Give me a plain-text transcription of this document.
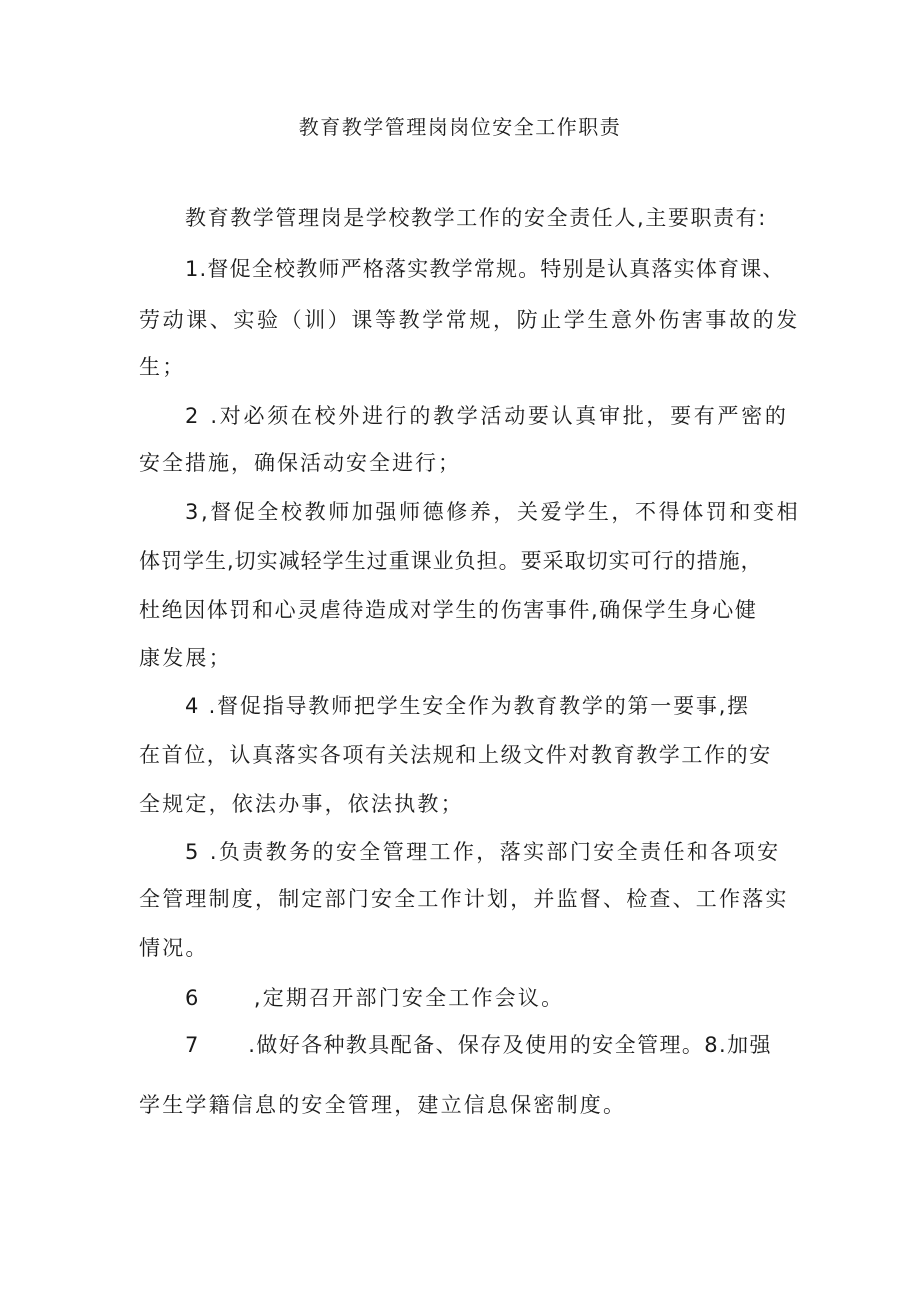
教育教学管理岗岗位安全工作职责
教育教学管理岗是学校教学工作的安全责任人,主要职责有:
1.督促全校教师严格落实教学常规。特别是认真落实体育课、
劳动课、实验（训）课等教学常规，防止学生意外伤害事故的发
生；
2 .对必须在校外进行的教学活动要认真审批，要有严密的
安全措施，确保活动安全进行；
3,督促全校教师加强师德修养，关爱学生，不得体罚和变相
体罚学生,切实减轻学生过重课业负担。要采取切实可行的措施，
杜绝因体罚和心灵虐待造成对学生的伤害事件,确保学生身心健
康发展；
4 .督促指导教师把学生安全作为教育教学的第一要事,摆
在首位，认真落实各项有关法规和上级文件对教育教学工作的安
全规定，依法办事，依法执教；
5 .负责教务的安全管理工作，落实部门安全责任和各项安
全管理制度，制定部门安全工作计划，并监督、检查、工作落实
情况。
6      ,定期召开部门安全工作会议。
7      .做好各种教具配备、保存及使用的安全管理。8.加强
学生学籍信息的安全管理，建立信息保密制度。
